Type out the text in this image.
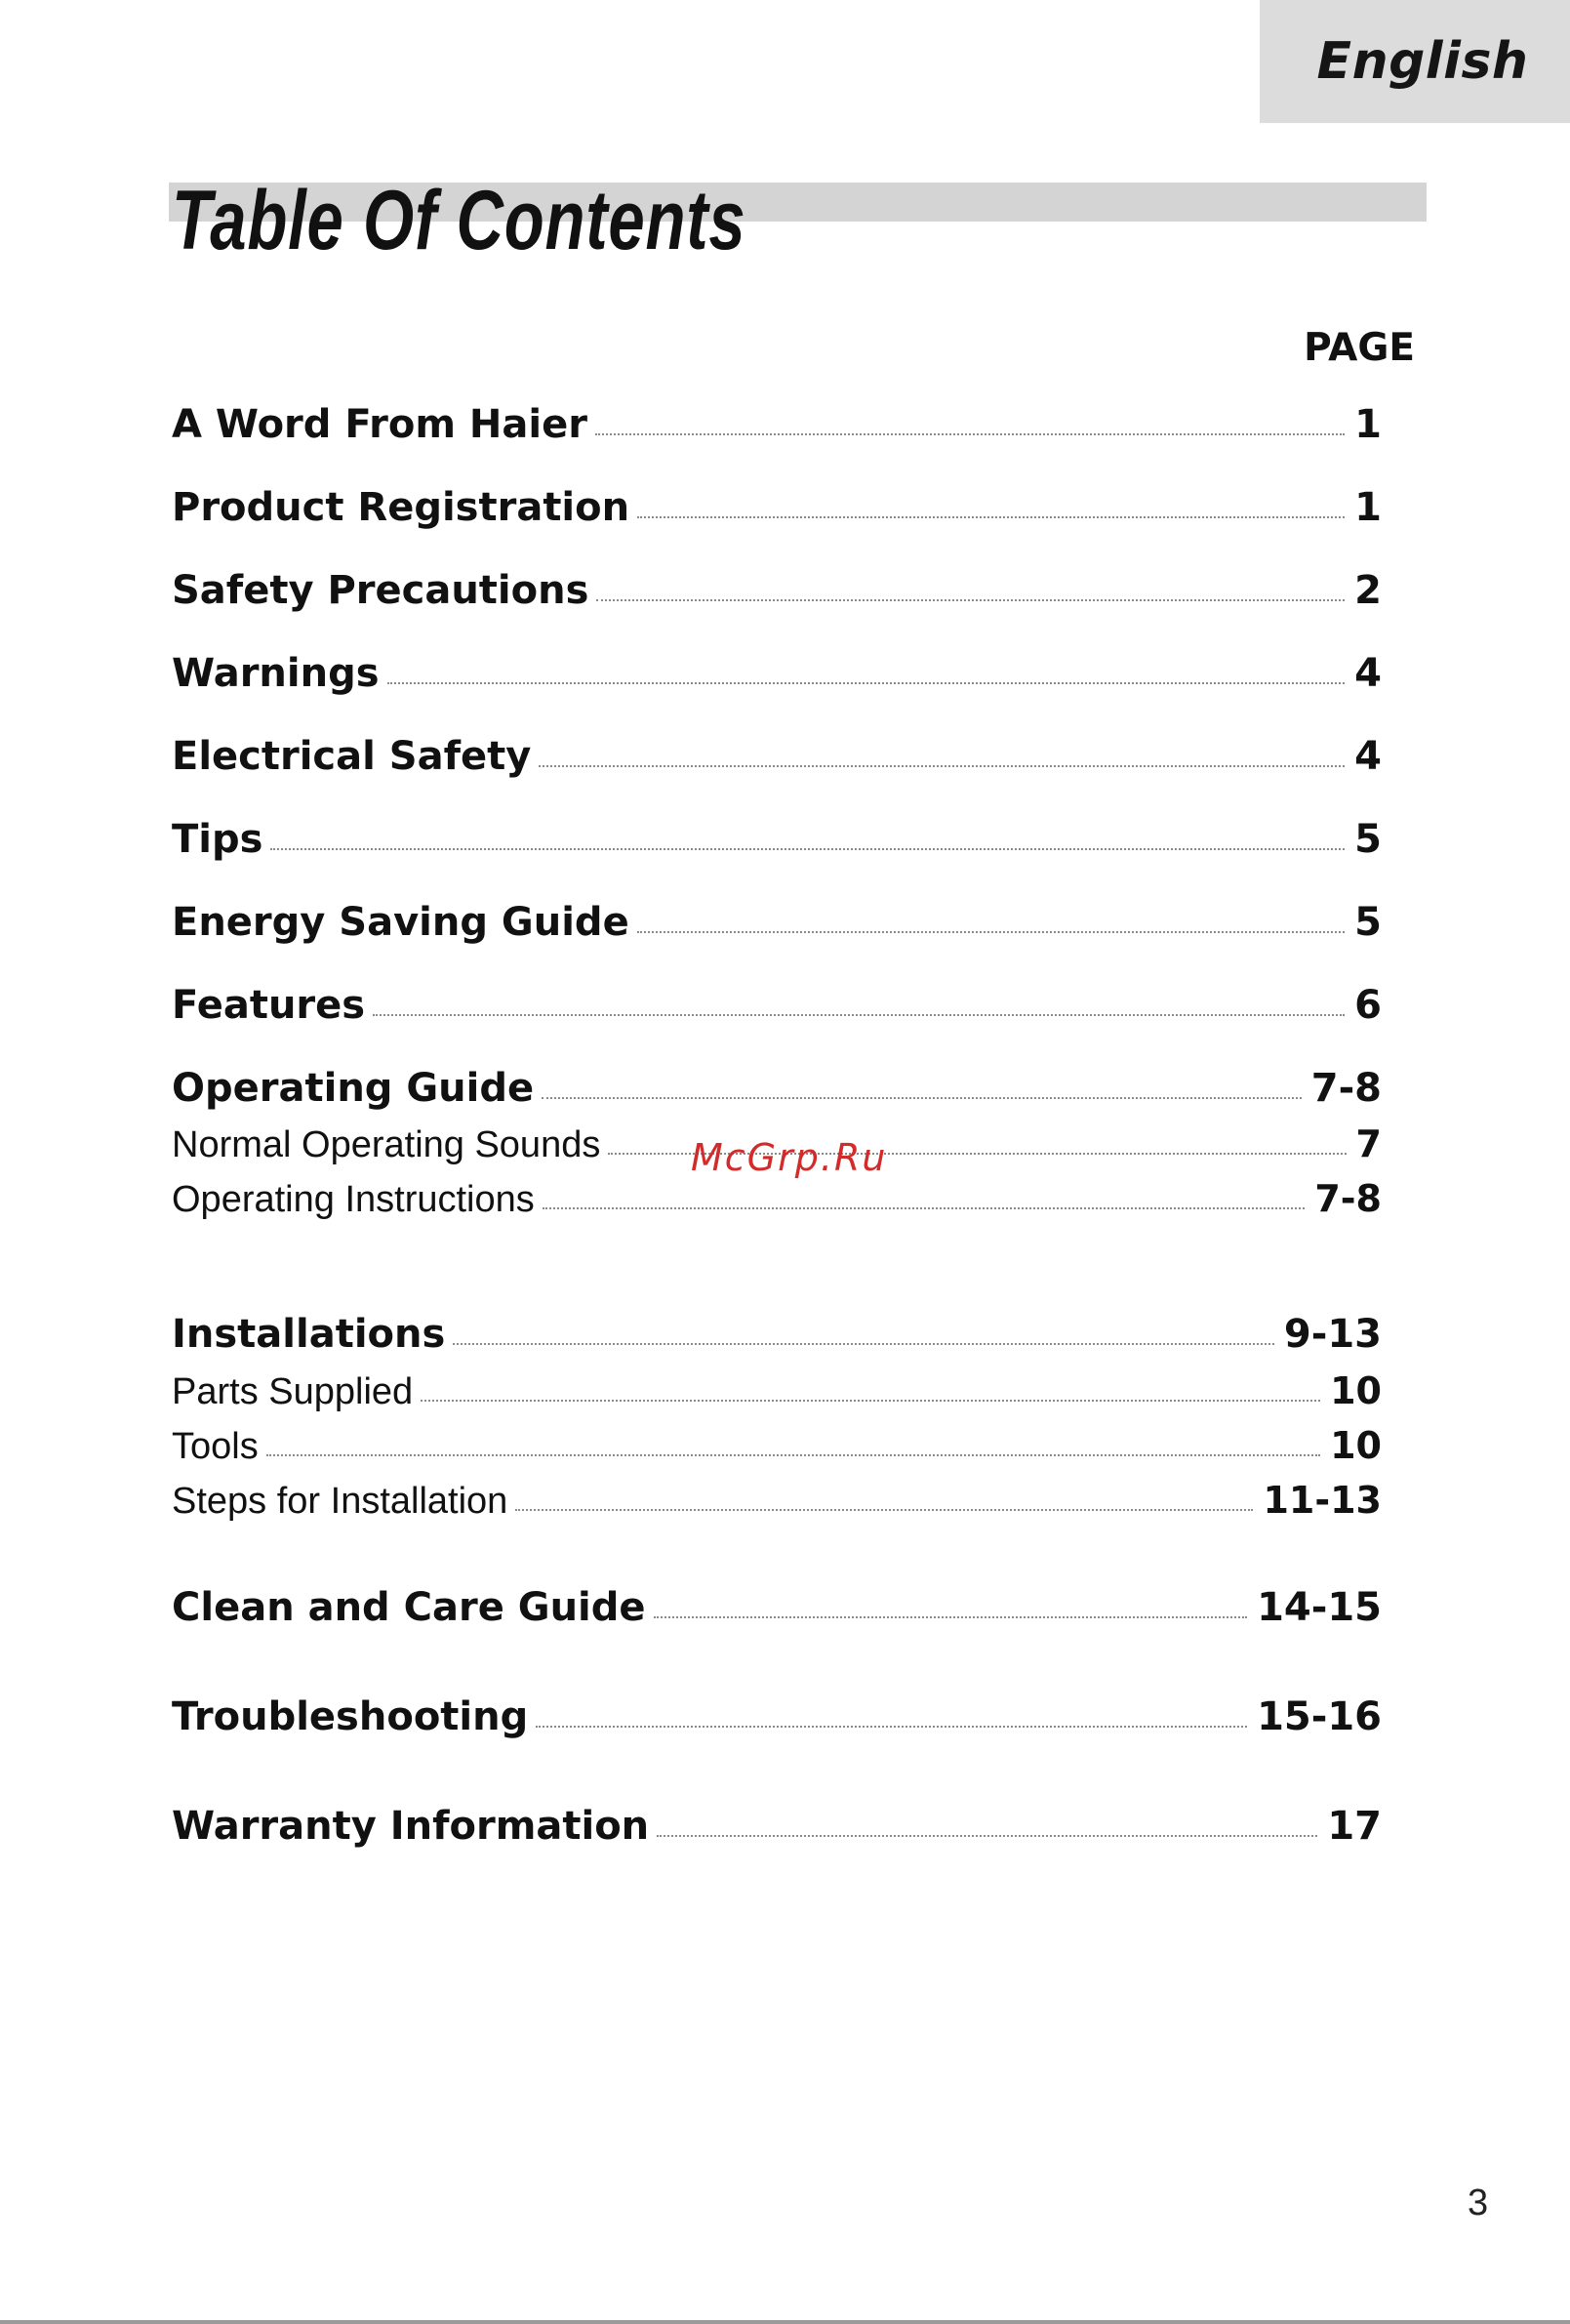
English
Table Of Contents
PAGE
A Word From Haier	1
Product Registration	1
Safety Precautions	2
Warnings	4
Electrical Safety	4
Tips	5
Energy Saving Guide	5
Features	6
Operating Guide	7-8
Normal Operating Sounds	7
Operating Instructions	7-8
Installations	9-13
Parts Supplied	10
Tools	10
Steps for Installation	11-13
Clean and Care Guide	14-15
Troubleshooting	15-16
Warranty Information	17
McGrp.Ru
3
